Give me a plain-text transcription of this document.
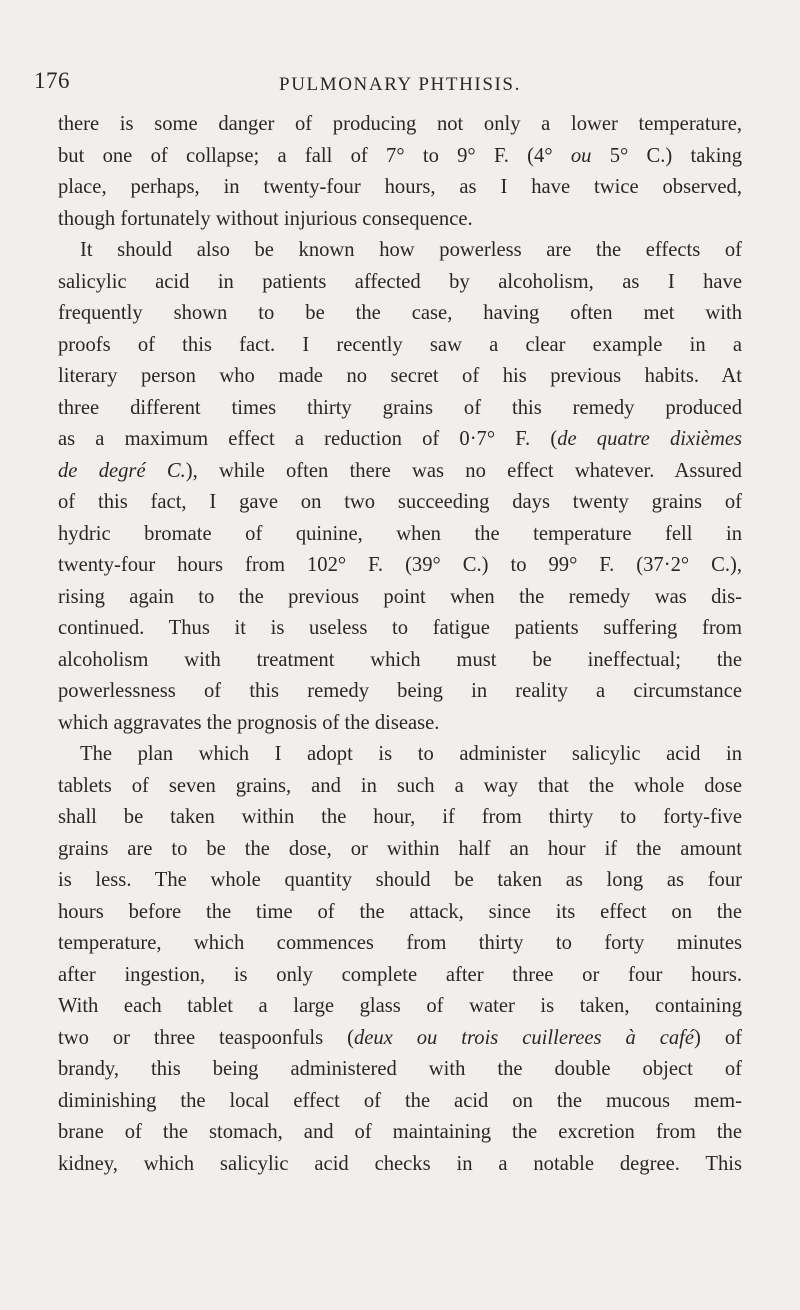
176	PULMONARY PHTHISIS.
there is some danger of producing not only a lower temperature,
but one of collapse; a fall of 7° to 9° F. (4° ou 5° C.) taking
place, perhaps, in twenty-four hours, as I have twice observed,
though fortunately without injurious consequence.
It should also be known how powerless are the effects of
salicylic acid in patients affected by alcoholism, as I have
frequently shown to be the case, having often met with
proofs of this fact. I recently saw a clear example in a
literary person who made no secret of his previous habits. At
three different times thirty grains of this remedy produced
as a maximum effect a reduction of 0·7° F. (de quatre dixièmes
de degré C.), while often there was no effect whatever. Assured
of this fact, I gave on two succeeding days twenty grains of
hydric bromate of quinine, when the temperature fell in
twenty-four hours from 102° F. (39° C.) to 99° F. (37·2° C.),
rising again to the previous point when the remedy was dis-
continued. Thus it is useless to fatigue patients suffering from
alcoholism with treatment which must be ineffectual; the
powerlessness of this remedy being in reality a circumstance
which aggravates the prognosis of the disease.
The plan which I adopt is to administer salicylic acid in
tablets of seven grains, and in such a way that the whole dose
shall be taken within the hour, if from thirty to forty-five
grains are to be the dose, or within half an hour if the amount
is less. The whole quantity should be taken as long as four
hours before the time of the attack, since its effect on the
temperature, which commences from thirty to forty minutes
after ingestion, is only complete after three or four hours.
With each tablet a large glass of water is taken, containing
two or three teaspoonfuls (deux ou trois cuillerees à café) of
brandy, this being administered with the double object of
diminishing the local effect of the acid on the mucous mem-
brane of the stomach, and of maintaining the excretion from the
kidney, which salicylic acid checks in a notable degree. This
